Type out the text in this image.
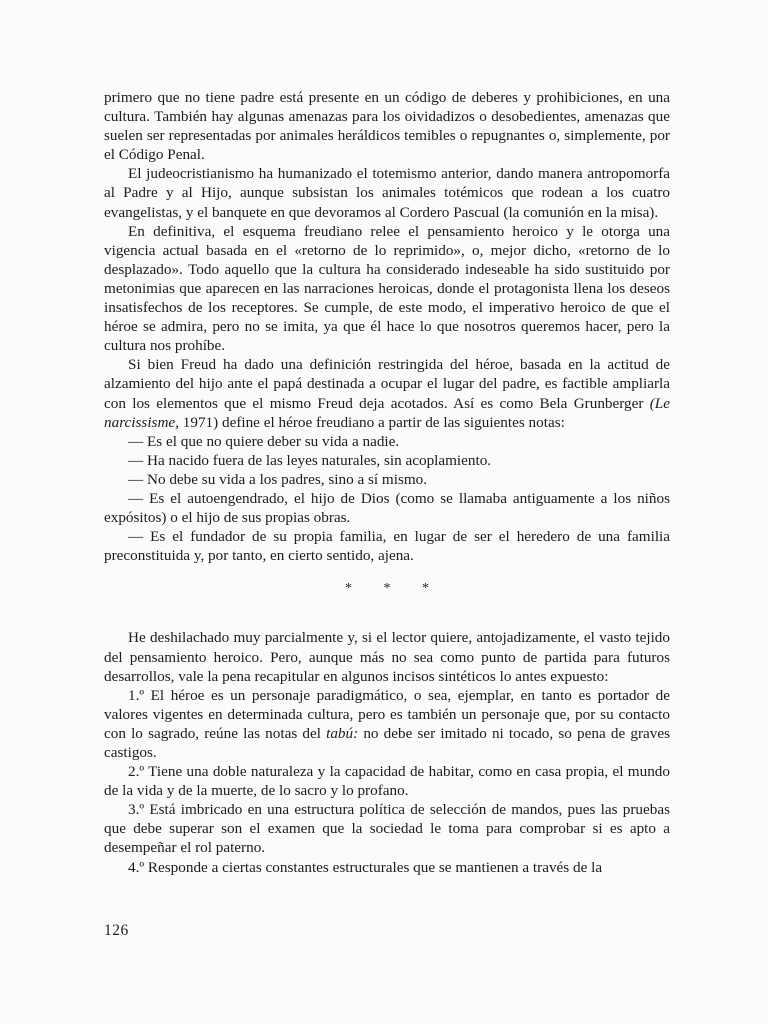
primero que no tiene padre está presente en un código de deberes y prohibiciones, en una cultura. También hay algunas amenazas para los oividadizos o desobedientes, amenazas que suelen ser representadas por animales heráldicos temibles o repugnantes o, simplemente, por el Código Penal.

El judeocristianismo ha humanizado el totemismo anterior, dando manera antropomorfa al Padre y al Hijo, aunque subsistan los animales totémicos que rodean a los cuatro evangelistas, y el banquete en que devoramos al Cordero Pascual (la comunión en la misa).

En definitiva, el esquema freudiano relee el pensamiento heroico y le otorga una vigencia actual basada en el «retorno de lo reprimido», o, mejor dicho, «retorno de lo desplazado». Todo aquello que la cultura ha considerado indeseable ha sido sustituido por metonimias que aparecen en las narraciones heroicas, donde el protagonista llena los deseos insatisfechos de los receptores. Se cumple, de este modo, el imperativo heroico de que el héroe se admira, pero no se imita, ya que él hace lo que nosotros queremos hacer, pero la cultura nos prohíbe.

Si bien Freud ha dado una definición restringida del héroe, basada en la actitud de alzamiento del hijo ante el papá destinada a ocupar el lugar del padre, es factible ampliarla con los elementos que el mismo Freud deja acotados. Así es como Bela Grunberger (Le narcissisme, 1971) define el héroe freudiano a partir de las siguientes notas:

— Es el que no quiere deber su vida a nadie.

— Ha nacido fuera de las leyes naturales, sin acoplamiento.

— No debe su vida a los padres, sino a sí mismo.

— Es el autoengendrado, el hijo de Dios (como se llamaba antiguamente a los niños expósitos) o el hijo de sus propias obras.

— Es el fundador de su propia familia, en lugar de ser el heredero de una familia preconstituida y, por tanto, en cierto sentido, ajena.

* * *

He deshilachado muy parcialmente y, si el lector quiere, antojadizamente, el vasto tejido del pensamiento heroico. Pero, aunque más no sea como punto de partida para futuros desarrollos, vale la pena recapitular en algunos incisos sintéticos lo antes expuesto:

1.º El héroe es un personaje paradigmático, o sea, ejemplar, en tanto es portador de valores vigentes en determinada cultura, pero es también un personaje que, por su contacto con lo sagrado, reúne las notas del tabú: no debe ser imitado ni tocado, so pena de graves castigos.

2.º Tiene una doble naturaleza y la capacidad de habitar, como en casa propia, el mundo de la vida y de la muerte, de lo sacro y lo profano.

3.º Está imbricado en una estructura política de selección de mandos, pues las pruebas que debe superar son el examen que la sociedad le toma para comprobar si es apto a desempeñar el rol paterno.

4.º Responde a ciertas constantes estructurales que se mantienen a través de la

126
